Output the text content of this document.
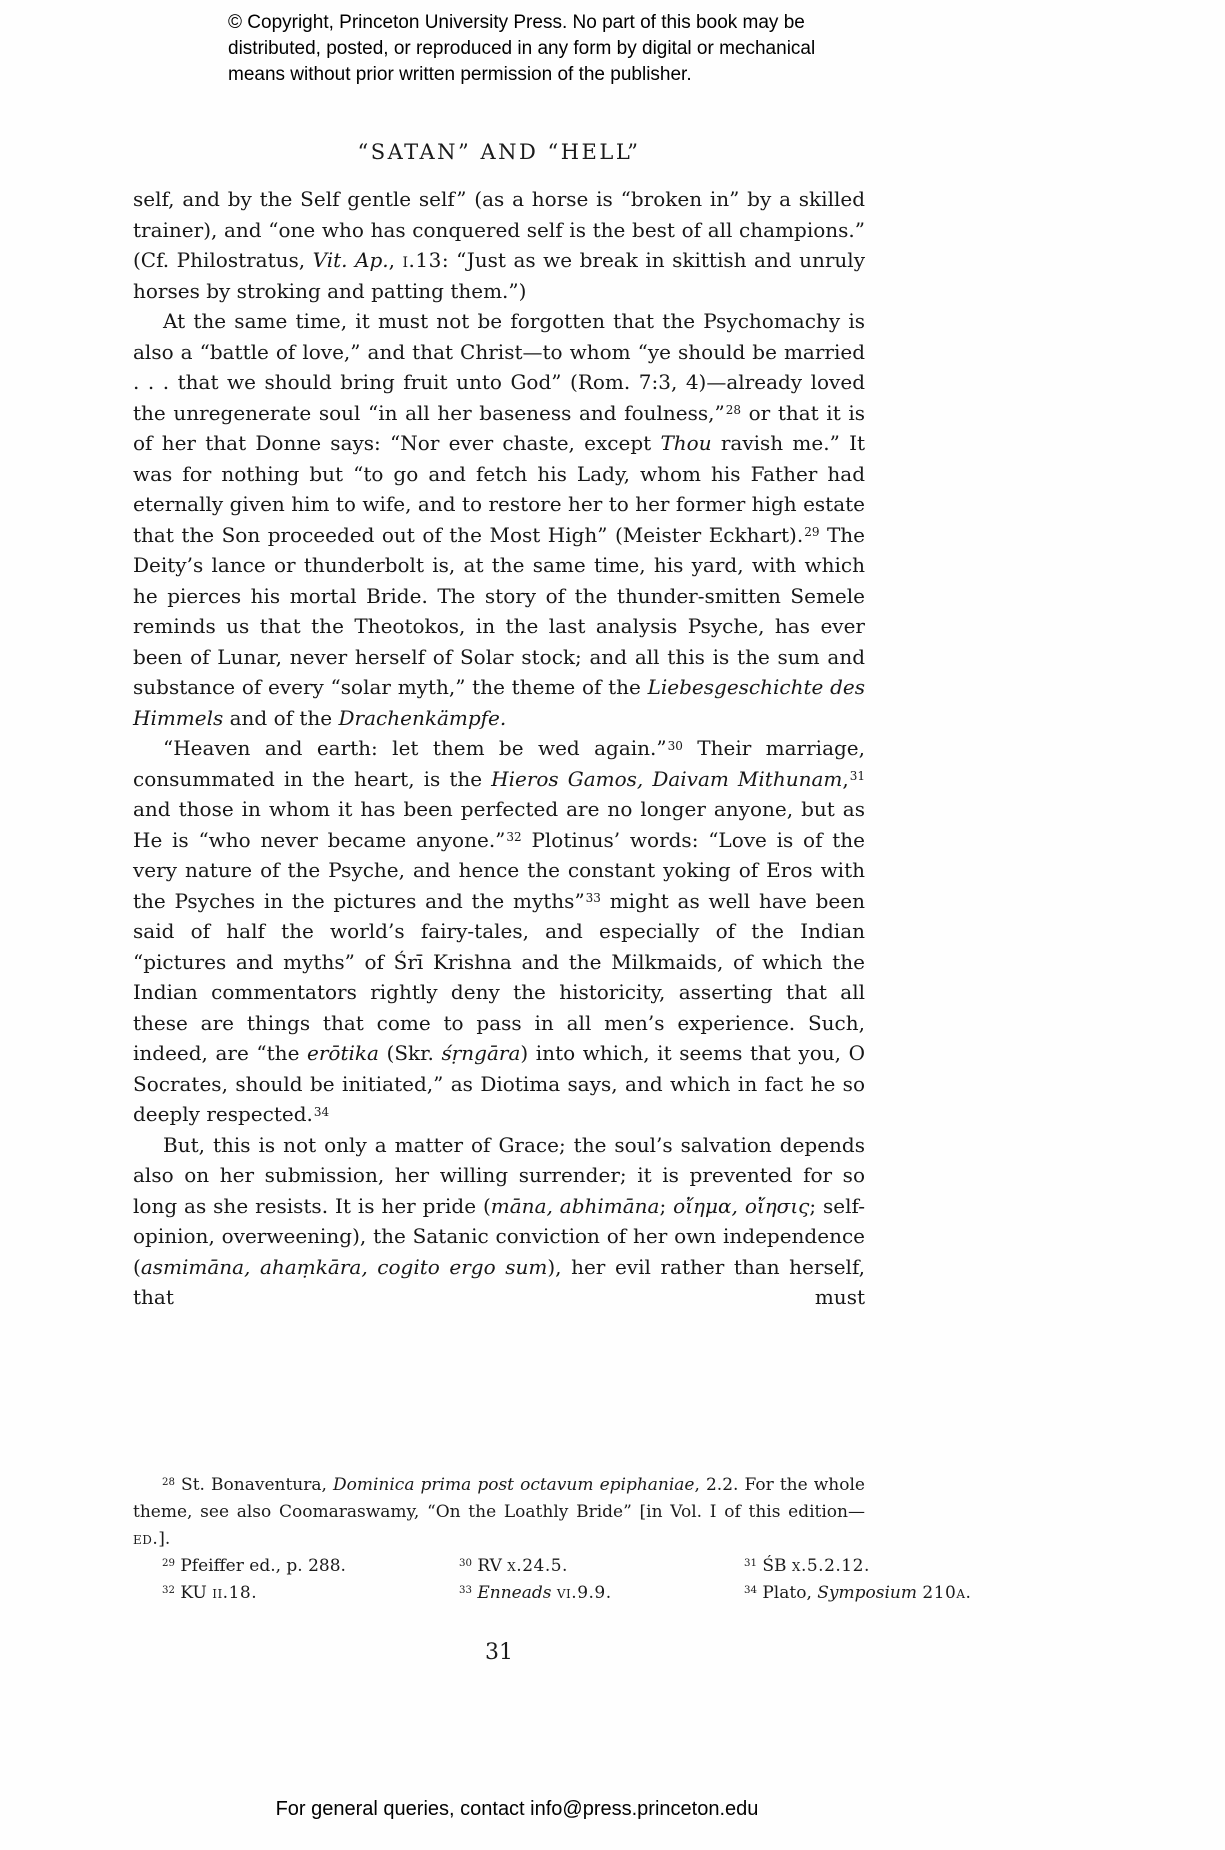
© Copyright, Princeton University Press. No part of this book may be
distributed, posted, or reproduced in any form by digital or mechanical
means without prior written permission of the publisher.
“SATAN” AND “HELL”

self, and by the Self gentle self” (as a horse is “broken in” by a skilled trainer), and “one who has conquered self is the best of all champions.” (Cf. Philostratus, Vit. Ap., i.13: “Just as we break in skittish and unruly horses by stroking and patting them.”)

At the same time, it must not be forgotten that the Psychomachy is also a “battle of love,” and that Christ—to whom “ye should be married . . . that we should bring fruit unto God” (Rom. 7:3, 4)—already loved the unregenerate soul “in all her baseness and foulness,”$^{28}$ or that it is of her that Donne says: “Nor ever chaste, except Thou ravish me.” It was for nothing but “to go and fetch his Lady, whom his Father had eternally given him to wife, and to restore her to her former high estate that the Son proceeded out of the Most High” (Meister Eckhart).$^{29}$ The Deity’s lance or thunderbolt is, at the same time, his yard, with which he pierces his mortal Bride. The story of the thunder-smitten Semele reminds us that the Theotokos, in the last analysis Psyche, has ever been of Lunar, never herself of Solar stock; and all this is the sum and substance of every “solar myth,” the theme of the Liebesgeschichte des Himmels and of the Drachenkämpfe.

“Heaven and earth: let them be wed again.”$^{30}$ Their marriage, consummated in the heart, is the Hieros Gamos, Daivam Mithunam,$^{31}$ and those in whom it has been perfected are no longer anyone, but as He is “who never became anyone.”$^{32}$ Plotinus’ words: “Love is of the very nature of the Psyche, and hence the constant yoking of Eros with the Psyches in the pictures and the myths”$^{33}$ might as well have been said of half the world’s fairy-tales, and especially of the Indian “pictures and myths” of Śrī Krishna and the Milkmaids, of which the Indian commentators rightly deny the historicity, asserting that all these are things that come to pass in all men’s experience. Such, indeed, are “the erōtika (Skr. śṛngāra) into which, it seems that you, O Socrates, should be initiated,” as Diotima says, and which in fact he so deeply respected.$^{34}$

But, this is not only a matter of Grace; the soul’s salvation depends also on her submission, her willing surrender; it is prevented for so long as she resists. It is her pride (māna, abhimāna; οἴημα, οἴησις; self-opinion, overweening), the Satanic conviction of her own independence (asmimāna, ahaṃkāra, cogito ergo sum), her evil rather than herself, that must

$^{28}$ St. Bonaventura, Dominica prima post octavum epiphaniae, 2.2. For the whole theme, see also Coomaraswamy, “On the Loathly Bride” [in Vol. I of this edition—ed.].

$^{29}$ Pfeiffer ed., p. 288.	$^{30}$ RV x.24.5.	$^{31}$ ŚB x.5.2.12.
$^{32}$ KU ii.18.	$^{33}$ Enneads vi.9.9.	$^{34}$ Plato, Symposium 210a.
31
For general queries, contact info@press.princeton.edu
